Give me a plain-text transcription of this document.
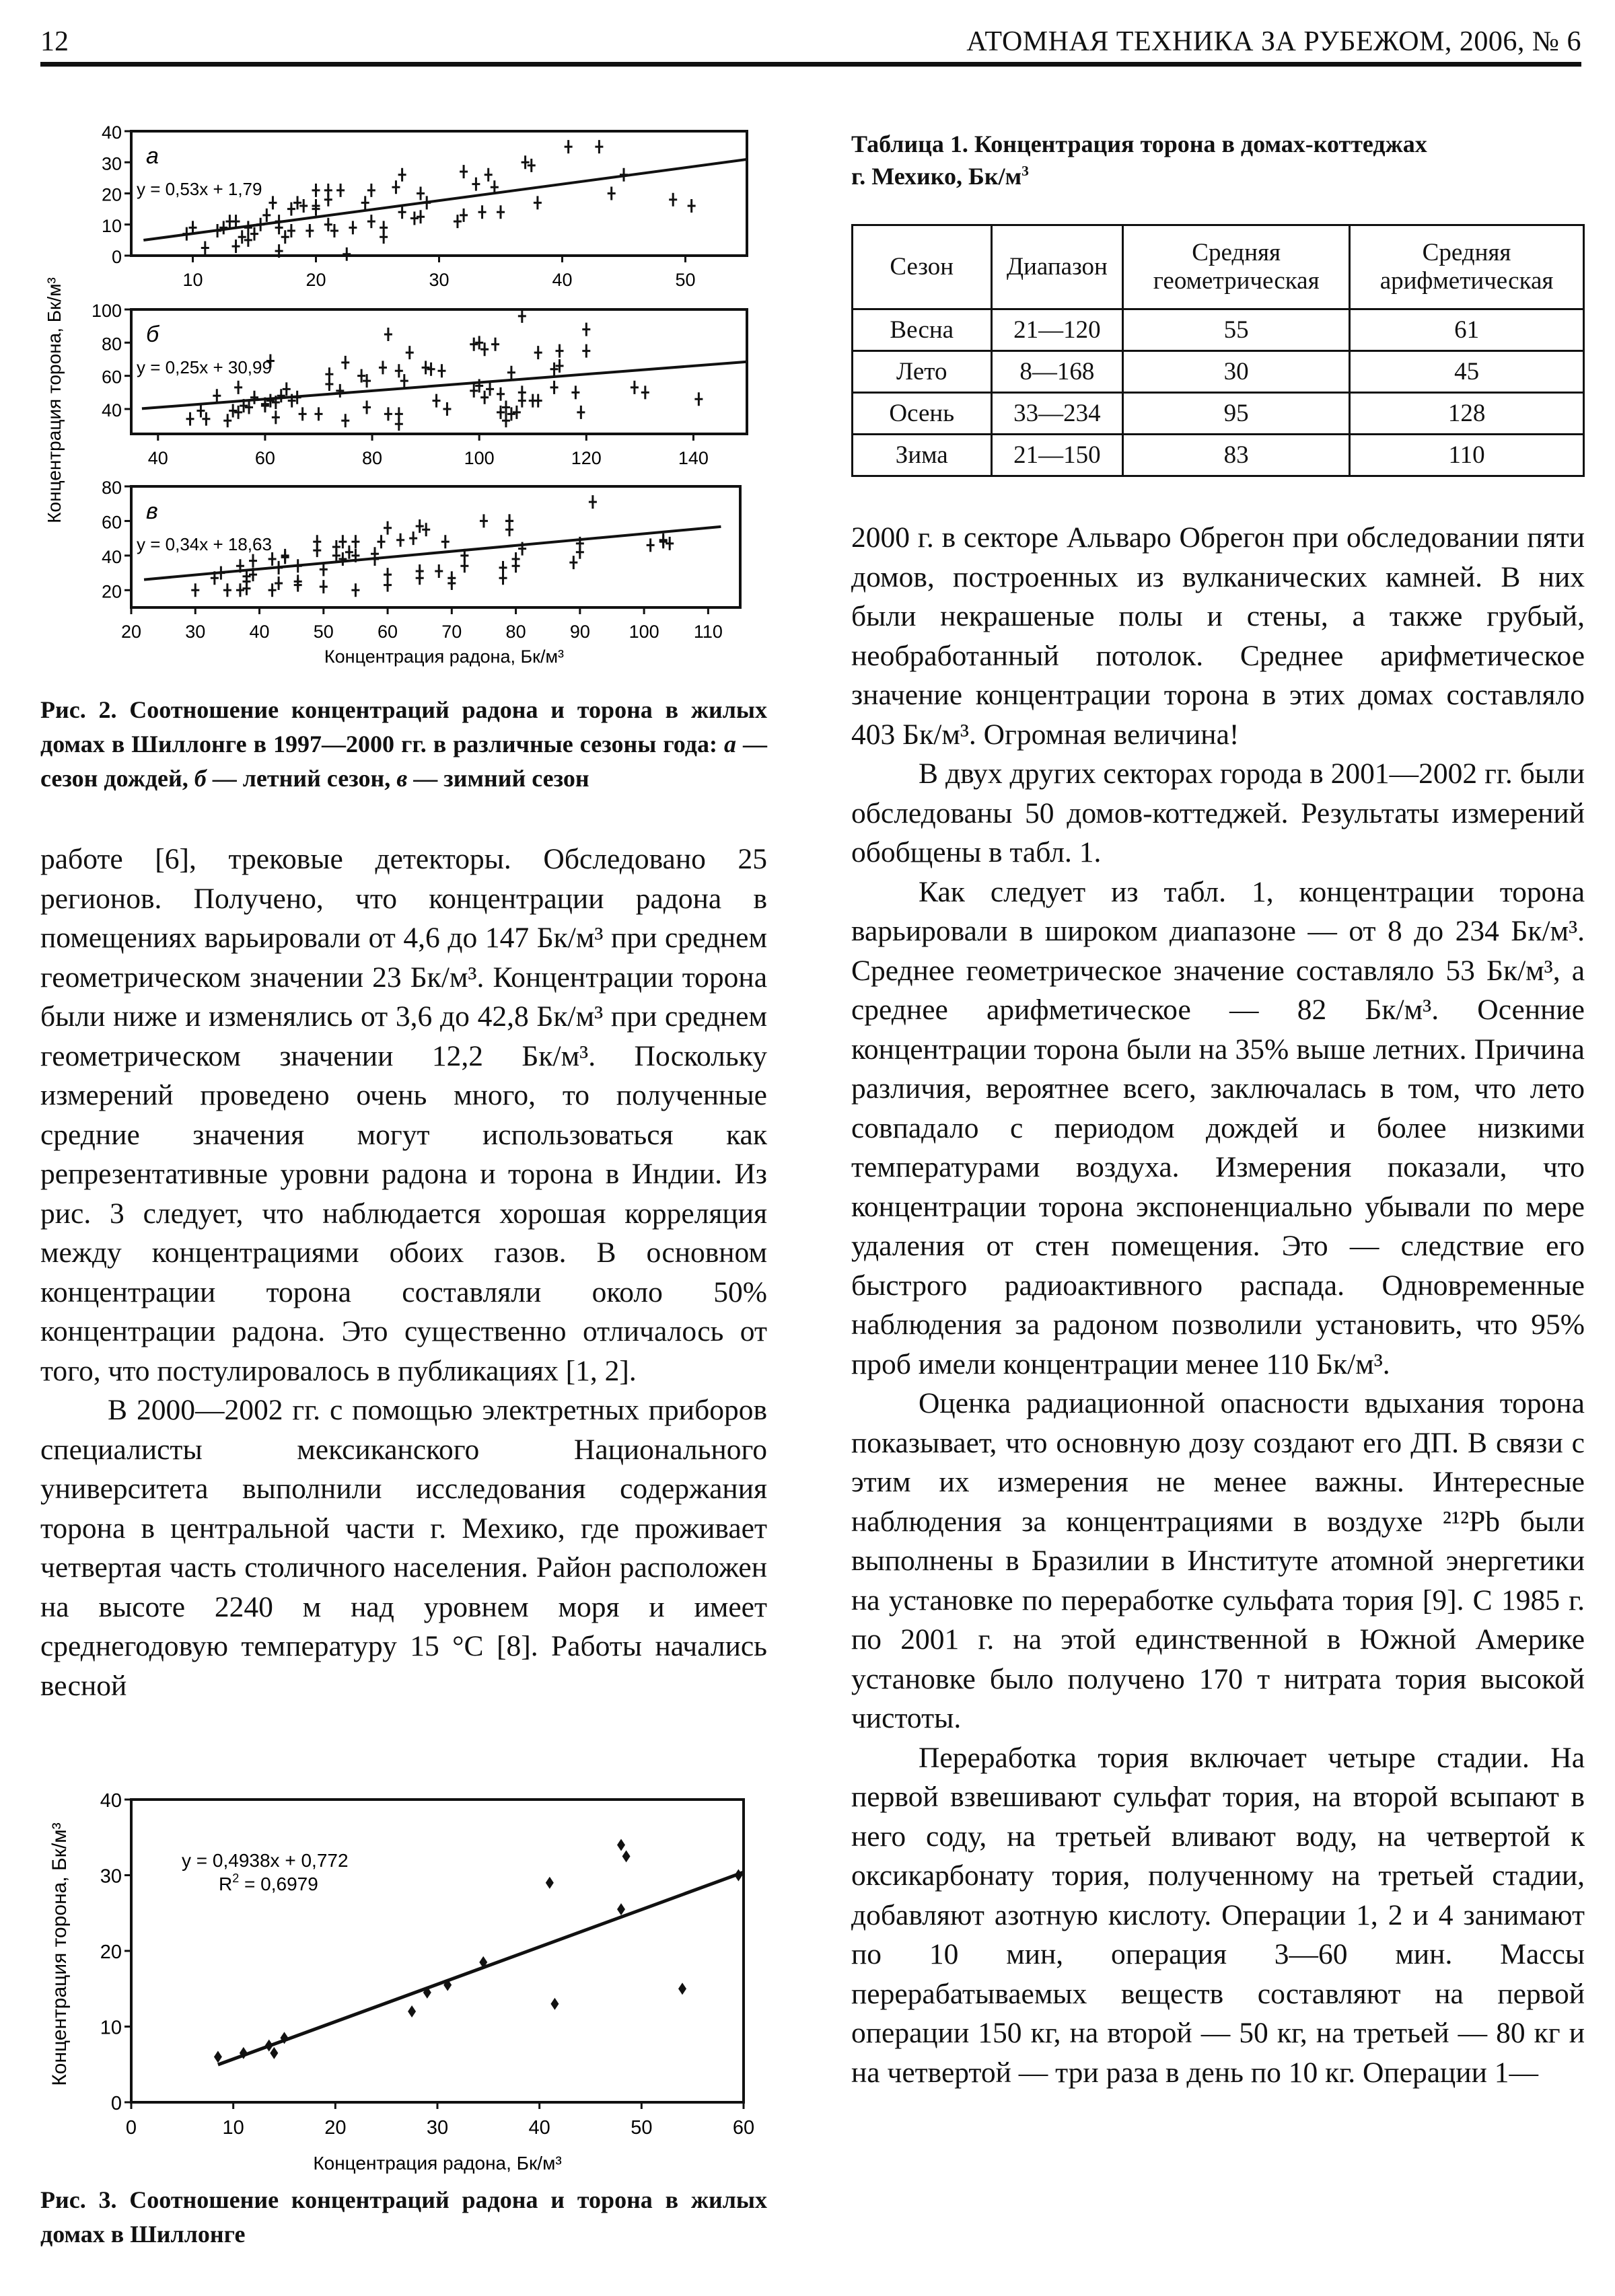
12	АТОМНАЯ ТЕХНИКА ЗА РУБЕЖОМ, 2006, № 6
0
10
20
30
40
10	20	30	40	50
а
y = 0,53x + 1,79
40
60
80
100
40	60	80	100	120	140
б
y = 0,25x + 30,99
20
40
60
80
20 30 40 50 60 70 80 90 100 110
в
y = 0,34x + 18,63
Концентрация радона, Бк/м³
Концентрация торона, Бк/м³
Рис. 2. Соотношение концентраций радона и торона в жилых домах в Шиллонге в 1997—2000 гг. в различные сезоны года: а — сезон дождей, б — летний сезон, в — зимний сезон

работе [6], трековые детекторы. Обследовано 25 регионов. Получено, что концентрации радона в помещениях варьировали от 4,6 до 147 Бк/м³ при среднем геометрическом значении 23 Бк/м³. Концентрации торона были ниже и изменялись от 3,6 до 42,8 Бк/м³ при среднем геометрическом значении 12,2 Бк/м³. Поскольку измерений проведено очень много, то полученные средние значения могут использоваться как репрезентативные уровни радона и торона в Индии. Из рис. 3 следует, что наблюдается хорошая корреляция между концентрациями обоих газов. В основном концентрации торона составляли около 50% концентрации радона. Это существенно отличалось от того, что постулировалось в публикациях [1, 2].

В 2000—2002 гг. с помощью электретных приборов специалисты мексиканского Национального университета выполнили исследования содержания торона в центральной части г. Мехико, где проживает четвертая часть столичного населения. Район расположен на высоте 2240 м над уровнем моря и имеет среднегодовую температуру 15 °С [8]. Работы начались весной

0
10
20
30
40
0	10	20	30	40	50	60
y = 0,4938x + 0,772
$R^2 = 0,6979$
Концентрация радона, Бк/м³
Концентрация торона, Бк/м³
Рис. 3. Соотношение концентраций радона и торона в жилых домах в Шиллонге
Таблица 1. Концентрация торона в домах-коттеджах
г. Мехико, $Бк/м^3$
Сезон	Диапазон	Средняя геометрическая	Средняя арифметическая
Весна	21—120	55	61
Лето	8—168	30	45
Осень	33—234	95	128
Зима	21—150	83	110

2000 г. в секторе Альваро Обрегон при обследовании пяти домов, построенных из вулканических камней. В них были некрашеные полы и стены, а также грубый, необработанный потолок. Среднее арифметическое значение концентрации торона в этих домах составляло 403 Бк/м³. Огромная величина!

В двух других секторах города в 2001—2002 гг. были обследованы 50 домов-коттеджей. Результаты измерений обобщены в табл. 1.

Как следует из табл. 1, концентрации торона варьировали в широком диапазоне — от 8 до 234 Бк/м³. Среднее геометрическое значение составляло 53 Бк/м³, а среднее арифметическое — 82 Бк/м³. Осенние концентрации торона были на 35% выше летних. Причина различия, вероятнее всего, заключалась в том, что лето совпадало с периодом дождей и более низкими температурами воздуха. Измерения показали, что концентрации торона экспоненциально убывали по мере удаления от стен помещения. Это — следствие его быстрого радиоактивного распада. Одновременные наблюдения за радоном позволили установить, что 95% проб имели концентрации менее 110 Бк/м³.

Оценка радиационной опасности вдыхания торона показывает, что основную дозу создают его ДП. В связи с этим их измерения не менее важны. Интересные наблюдения за концентрациями в воздухе ²¹²Pb были выполнены в Бразилии в Институте атомной энергетики на установке по переработке сульфата тория [9]. С 1985 г. по 2001 г. на этой единственной в Южной Америке установке было получено 170 т нитрата тория высокой чистоты.

Переработка тория включает четыре стадии. На первой взвешивают сульфат тория, на второй всыпают в него соду, на третьей вливают воду, на четвертой к оксикарбонату тория, полученному на третьей стадии, добавляют азотную кислоту. Операции 1, 2 и 4 занимают по 10 мин, операция 3—60 мин. Массы перерабатываемых веществ составляют на первой операции 150 кг, на второй — 50 кг, на третьей — 80 кг и на четвертой — три раза в день по 10 кг. Операции 1—
